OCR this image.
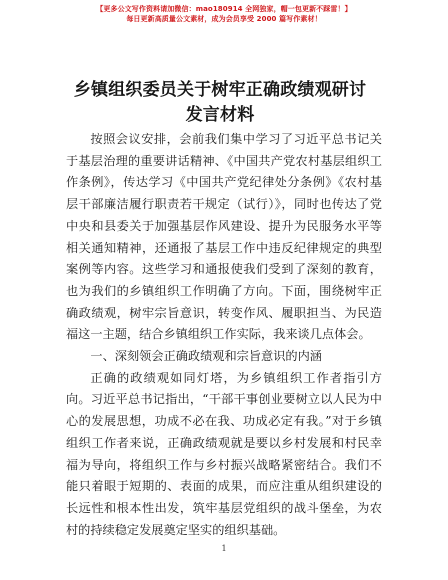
【更多公文写作资料请加微信：mao180914 全网独家，帽一包更新不踩雷！】
每日更新高质量公文素材，成为会员享受 2000 篇写作素材！
乡镇组织委员关于树牢正确政绩观研讨发言材料

按照会议安排，会前我们集中学习了习近平总书记关于基层治理的重要讲话精神、《中国共产党农村基层组织工作条例》，传达学习《中国共产党纪律处分条例》《农村基层干部廉洁履行职责若干规定（试行）》，同时也传达了党中央和县委关于加强基层作风建设、提升为民服务水平等相关通知精神，还通报了基层工作中违反纪律规定的典型案例等内容。这些学习和通报使我们受到了深刻的教育，也为我们的乡镇组织工作明确了方向。下面，围绕树牢正确政绩观，树牢宗旨意识，转变作风、履职担当、为民造福这一主题，结合乡镇组织工作实际，我来谈几点体会。

一、深刻领会正确政绩观和宗旨意识的内涵

正确的政绩观如同灯塔，为乡镇组织工作者指引方向。习近平总书记指出，“干部干事创业要树立以人民为中心的发展思想，功成不必在我、功成必定有我。”对于乡镇组织工作者来说，正确政绩观就是要以乡村发展和村民幸福为导向，将组织工作与乡村振兴战略紧密结合。我们不能只着眼于短期的、表面的成果，而应注重从组织建设的长远性和根本性出发，筑牢基层党组织的战斗堡垒，为农村的持续稳定发展奠定坚实的组织基础。

1
